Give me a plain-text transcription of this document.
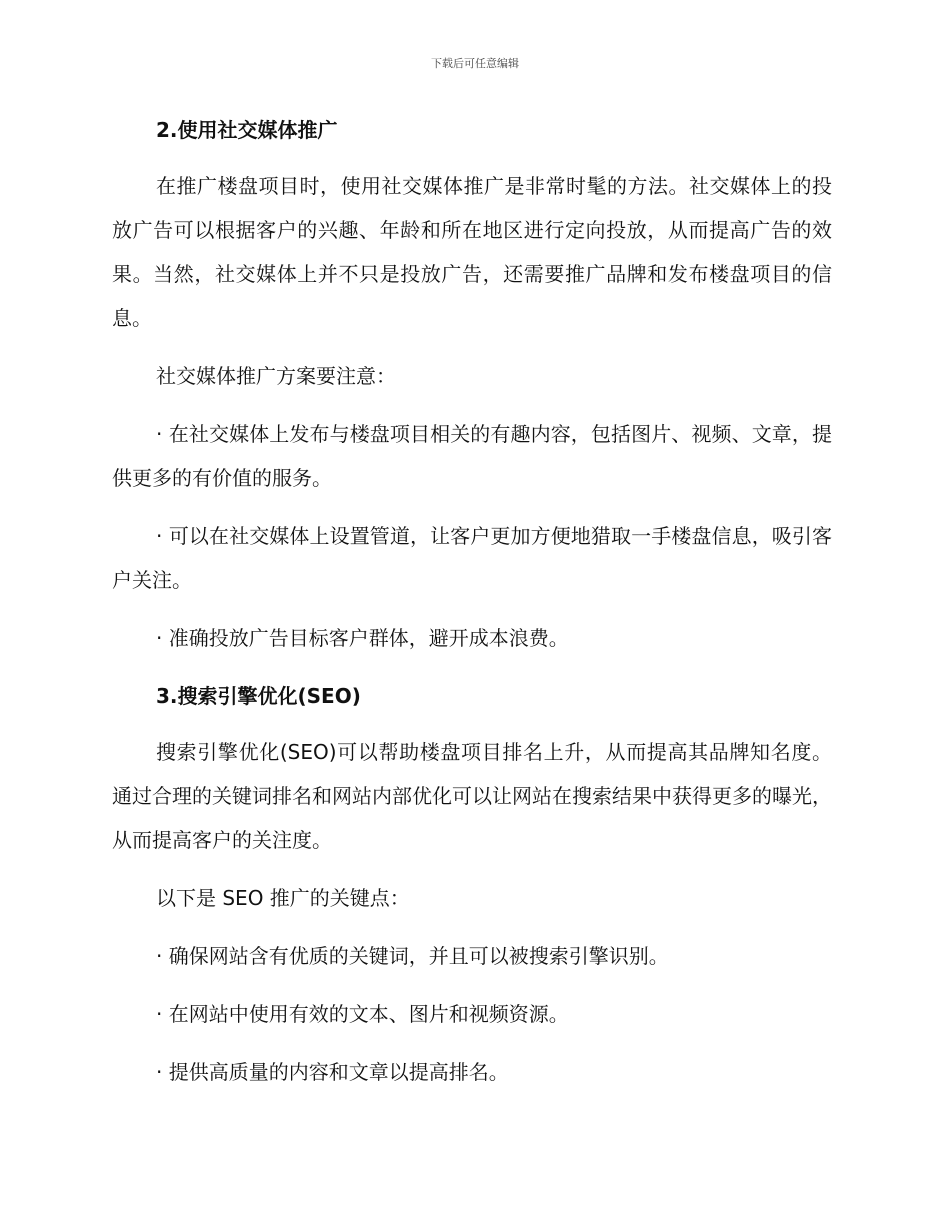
下载后可任意编辑
2.使用社交媒体推广

在推广楼盘项目时，使用社交媒体推广是非常时髦的方法。社交媒体上的投放广告可以根据客户的兴趣、年龄和所在地区进行定向投放，从而提高广告的效果。当然，社交媒体上并不只是投放广告，还需要推广品牌和发布楼盘项目的信息。

社交媒体推广方案要注意：

· 在社交媒体上发布与楼盘项目相关的有趣内容，包括图片、视频、文章，提供更多的有价值的服务。

· 可以在社交媒体上设置管道，让客户更加方便地猎取一手楼盘信息，吸引客户关注。

· 准确投放广告目标客户群体，避开成本浪费。

3.搜索引擎优化(SEO)

搜索引擎优化(SEO)可以帮助楼盘项目排名上升，从而提高其品牌知名度。通过合理的关键词排名和网站内部优化可以让网站在搜索结果中获得更多的曝光，从而提高客户的关注度。

以下是 SEO 推广的关键点：

· 确保网站含有优质的关键词，并且可以被搜索引擎识别。

· 在网站中使用有效的文本、图片和视频资源。

· 提供高质量的内容和文章以提高排名。
